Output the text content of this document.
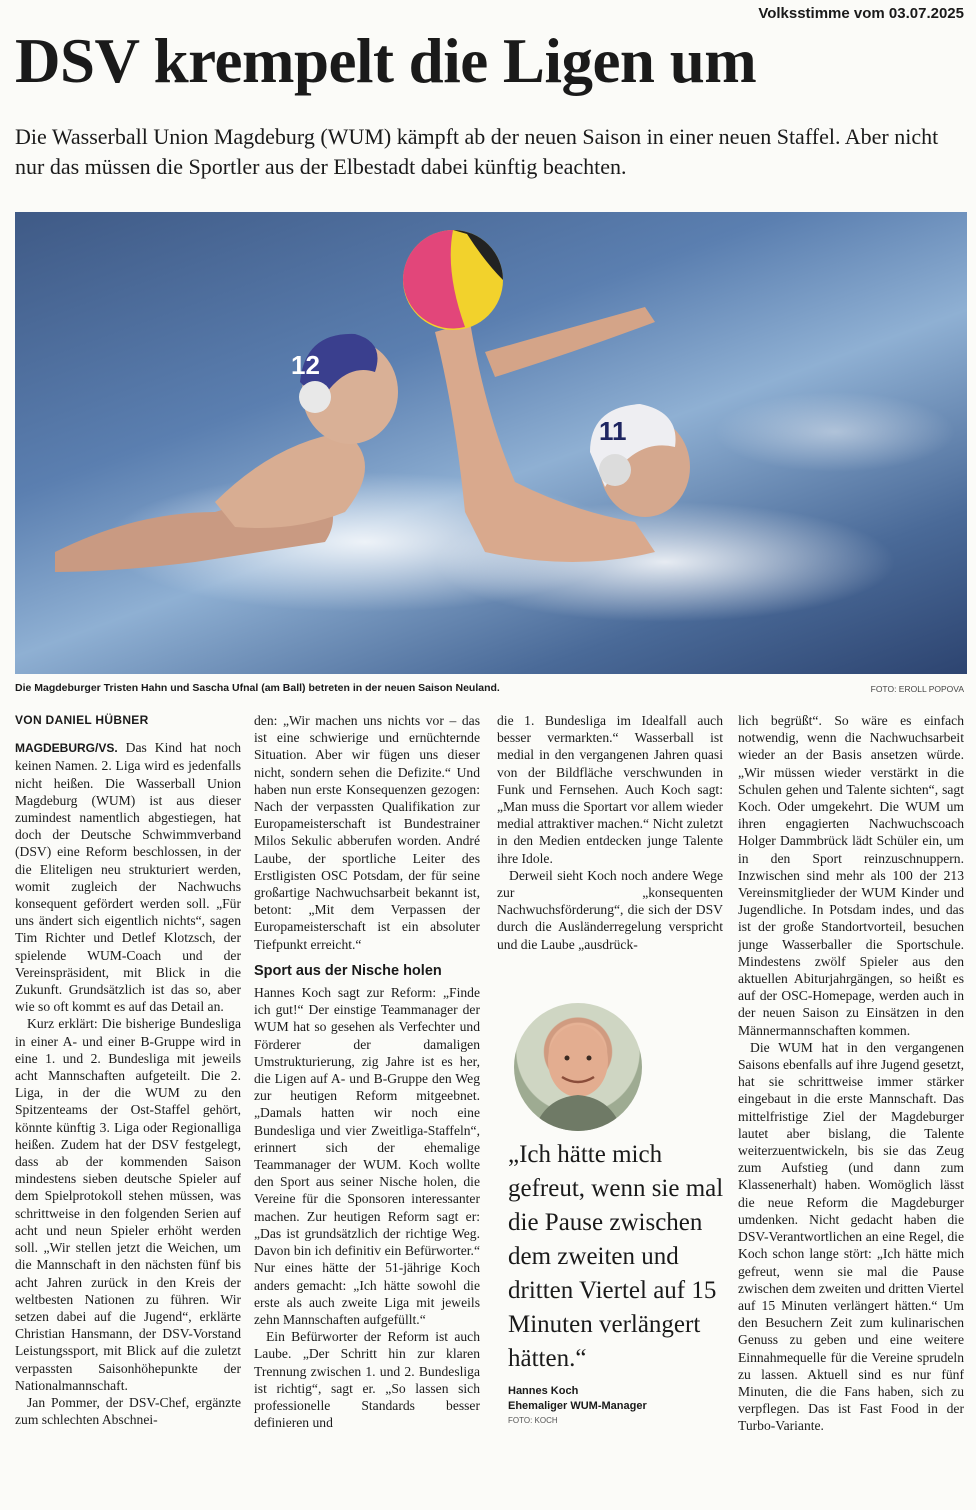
Volksstimme vom 03.07.2025
DSV krempelt die Ligen um
Die Wasserball Union Magdeburg (WUM) kämpft ab der neuen Saison in einer neuen Staffel. Aber nicht nur das müssen die Sportler aus der Elbestadt dabei künftig beachten.
12
11
Die Magdeburger Tristen Hahn und Sascha Ufnal (am Ball) betreten in der neuen Saison Neuland.	FOTO: EROLL POPOVA

VON DANIEL HÜBNER

MAGDEBURG/VS. Das Kind hat noch keinen Namen. 2. Liga wird es jedenfalls nicht heißen. Die Wasserball Union Magdeburg (WUM) ist aus dieser zumindest namentlich abgestiegen, hat doch der Deutsche Schwimmverband (DSV) eine Reform beschlossen, in der die Eliteligen neu strukturiert werden, womit zugleich der Nachwuchs konsequent gefördert werden soll. „Für uns ändert sich eigentlich nichts“, sagen Tim Richter und Detlef Klotzsch, der spielende WUM-Coach und der Vereinspräsident, mit Blick in die Zukunft. Grundsätzlich ist das so, aber wie so oft kommt es auf das Detail an.

Kurz erklärt: Die bisherige Bundesliga in einer A- und einer B-Gruppe wird in eine 1. und 2. Bundesliga mit jeweils acht Mannschaften aufgeteilt. Die 2. Liga, in der die WUM zu den Spitzenteams der Ost-Staffel gehört, könnte künftig 3. Liga oder Regionalliga heißen. Zudem hat der DSV festgelegt, dass ab der kommenden Saison mindestens sieben deutsche Spieler auf dem Spielprotokoll stehen müssen, was schrittweise in den folgenden Serien auf acht und neun Spieler erhöht werden soll. „Wir stellen jetzt die Weichen, um die Mannschaft in den nächsten fünf bis acht Jahren zurück in den Kreis der weltbesten Nationen zu führen. Wir setzen dabei auf die Jugend“, erklärte Christian Hansmann, der DSV-Vorstand Leistungssport, mit Blick auf die zuletzt verpassten Saisonhöhepunkte der Nationalmannschaft.

Jan Pommer, der DSV-Chef, ergänzte zum schlechten Abschnei-

den: „Wir machen uns nichts vor – das ist eine schwierige und ernüchternde Situation. Aber wir fügen uns dieser nicht, sondern sehen die Defizite.“ Und haben nun erste Konsequenzen gezogen: Nach der verpassten Qualifikation zur Europameisterschaft ist Bundestrainer Milos Sekulic abberufen worden. André Laube, der sportliche Leiter des Erstligisten OSC Potsdam, der für seine großartige Nachwuchsarbeit bekannt ist, betont: „Mit dem Verpassen der Europameisterschaft ist ein absoluter Tiefpunkt erreicht.“

Sport aus der Nische holen

Hannes Koch sagt zur Reform: „Finde ich gut!“ Der einstige Teammanager der WUM hat so gesehen als Verfechter und Förderer der damaligen Umstrukturierung, zig Jahre ist es her, die Ligen auf A- und B-Gruppe den Weg zur heutigen Reform mitgeebnet. „Damals hatten wir noch eine Bundesliga und vier Zweitliga-Staffeln“, erinnert sich der ehemalige Teammanager der WUM. Koch wollte den Sport aus seiner Nische holen, die Vereine für die Sponsoren interessanter machen. Zur heutigen Reform sagt er: „Das ist grundsätzlich der richtige Weg. Davon bin ich definitiv ein Befürworter.“ Nur eines hätte der 51-jährige Koch anders gemacht: „Ich hätte sowohl die erste als auch zweite Liga mit jeweils zehn Mannschaften aufgefüllt.“

Ein Befürworter der Reform ist auch Laube. „Der Schritt hin zur klaren Trennung zwischen 1. und 2. Bundesliga ist richtig“, sagt er. „So lassen sich professionelle Standards besser definieren und

die 1. Bundesliga im Idealfall auch besser vermarkten.“ Wasserball ist medial in den vergangenen Jahren quasi von der Bildfläche verschwunden in Funk und Fernsehen. Auch Koch sagt: „Man muss die Sportart vor allem wieder medial attraktiver machen.“ Nicht zuletzt in den Medien entdecken junge Talente ihre Idole.

Derweil sieht Koch noch andere Wege zur „konsequenten Nachwuchsförderung“, die sich der DSV durch die Ausländerregelung verspricht und die Laube „ausdrück-

„Ich hätte mich gefreut, wenn sie mal die Pause zwischen dem zweiten und dritten Viertel auf 15 Minuten verlängert hätten.“

Hannes Koch
Ehemaliger WUM-Manager
FOTO: KOCH

lich begrüßt“. So wäre es einfach notwendig, wenn die Nachwuchsarbeit wieder an der Basis ansetzen würde. „Wir müssen wieder verstärkt in die Schulen gehen und Talente sichten“, sagt Koch. Oder umgekehrt. Die WUM um ihren engagierten Nachwuchscoach Holger Dammbrück lädt Schüler ein, um in den Sport reinzuschnuppern. Inzwischen sind mehr als 100 der 213 Vereinsmitglieder der WUM Kinder und Jugendliche. In Potsdam indes, und das ist der große Standortvorteil, besuchen junge Wasserballer die Sportschule. Mindestens zwölf Spieler aus den aktuellen Abiturjahrgängen, so heißt es auf der OSC-Homepage, werden auch in der neuen Saison zu Einsätzen in den Männermannschaften kommen.

Die WUM hat in den vergangenen Saisons ebenfalls auf ihre Jugend gesetzt, hat sie schrittweise immer stärker eingebaut in die erste Mannschaft. Das mittelfristige Ziel der Magdeburger lautet aber bislang, die Talente weiterzuentwickeln, bis sie das Zeug zum Aufstieg (und dann zum Klassenerhalt) haben. Womöglich lässt die neue Reform die Magdeburger umdenken. Nicht gedacht haben die DSV-Verantwortlichen an eine Regel, die Koch schon lange stört: „Ich hätte mich gefreut, wenn sie mal die Pause zwischen dem zweiten und dritten Viertel auf 15 Minuten verlängert hätten.“ Um den Besuchern Zeit zum kulinarischen Genuss zu geben und eine weitere Einnahmequelle für die Vereine sprudeln zu lassen. Aktuell sind es nur fünf Minuten, die die Fans haben, sich zu verpflegen. Das ist Fast Food in der Turbo-Variante.
